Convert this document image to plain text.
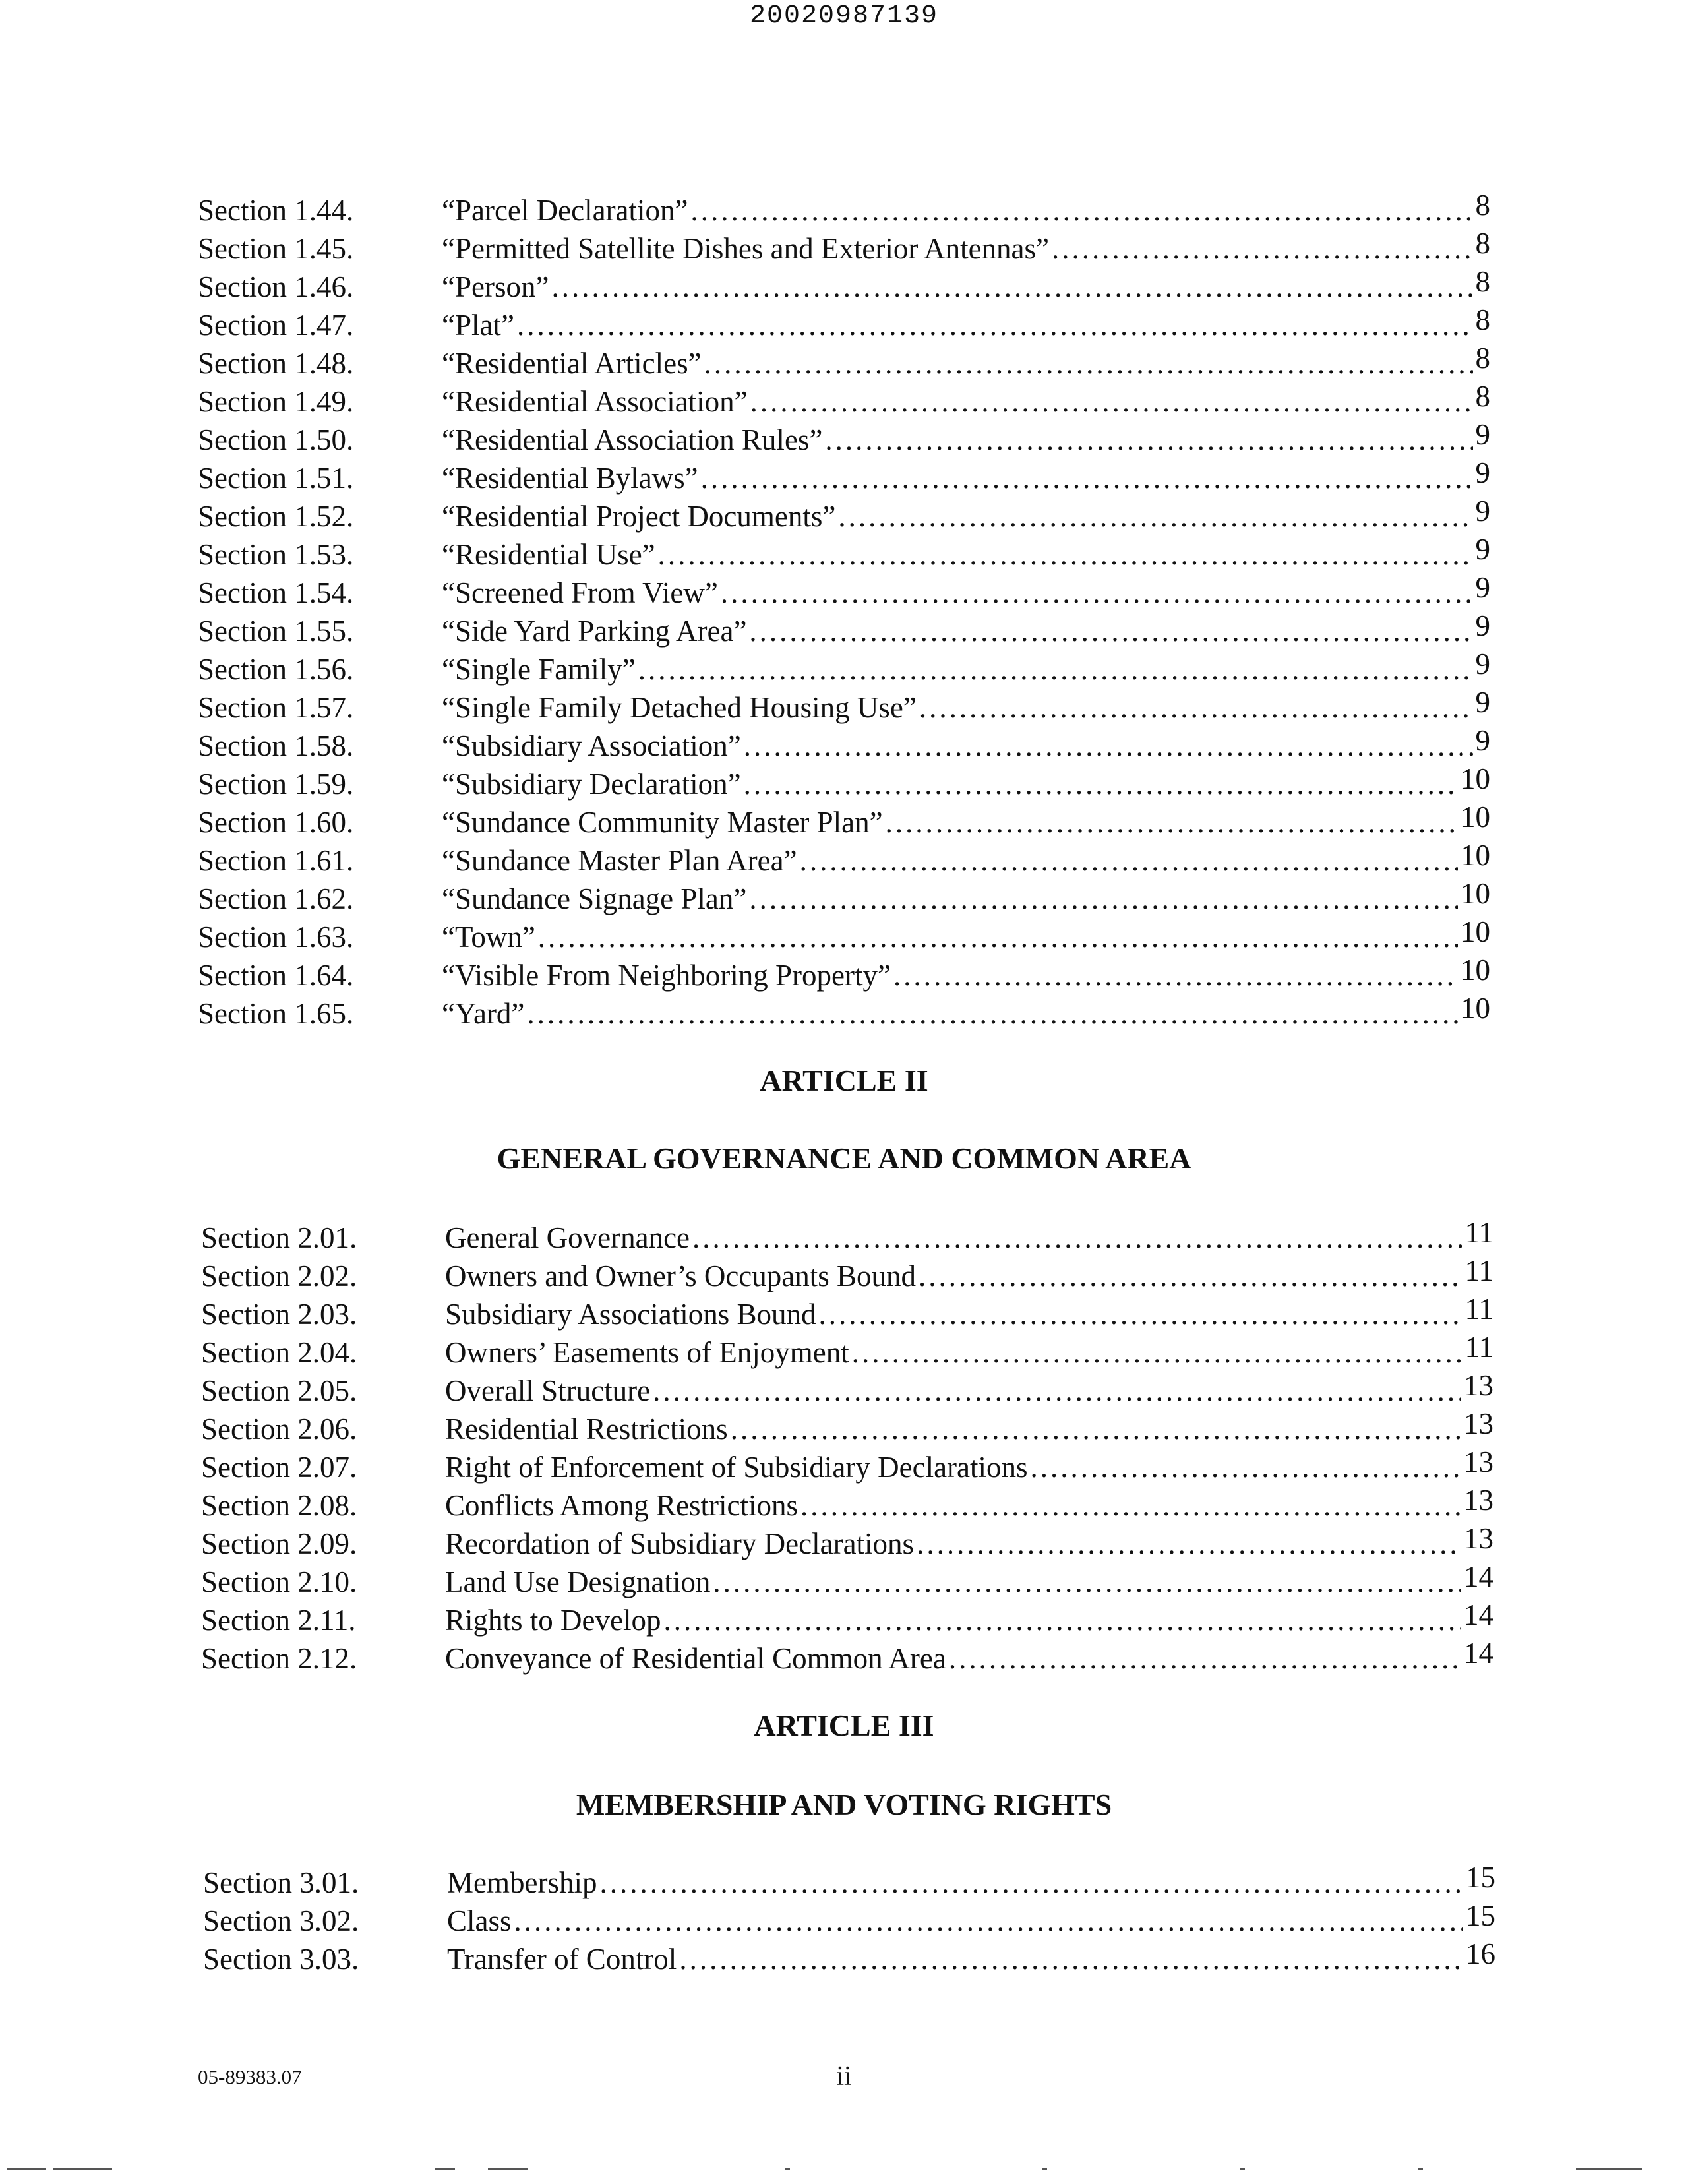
20020987139
Section 1.44.	“Parcel Declaration” .....	8
Section 1.45.	“Permitted Satellite Dishes and Exterior Antennas” .....	8
Section 1.46.	“Person” .....	8
Section 1.47.	“Plat” .....	8
Section 1.48.	“Residential Articles” .....	8
Section 1.49.	“Residential Association” .....	8
Section 1.50.	“Residential Association Rules” .....	9
Section 1.51.	“Residential Bylaws” .....	9
Section 1.52.	“Residential Project Documents” .....	9
Section 1.53.	“Residential Use” .....	9
Section 1.54.	“Screened From View” .....	9
Section 1.55.	“Side Yard Parking Area” .....	9
Section 1.56.	“Single Family” .....	9
Section 1.57.	“Single Family Detached Housing Use” .....	9
Section 1.58.	“Subsidiary Association” .....	9
Section 1.59.	“Subsidiary Declaration” .....	10
Section 1.60.	“Sundance Community Master Plan” .....	10
Section 1.61.	“Sundance Master Plan Area” .....	10
Section 1.62.	“Sundance Signage Plan” .....	10
Section 1.63.	“Town” .....	10
Section 1.64.	“Visible From Neighboring Property” .....	10
Section 1.65.	“Yard” .....	10
ARTICLE II
GENERAL GOVERNANCE AND COMMON AREA
Section 2.01.	General Governance .....	11
Section 2.02.	Owners and Owner’s Occupants Bound .....	11
Section 2.03.	Subsidiary Associations Bound .....	11
Section 2.04.	Owners’ Easements of Enjoyment .....	11
Section 2.05.	Overall Structure .....	13
Section 2.06.	Residential Restrictions .....	13
Section 2.07.	Right of Enforcement of Subsidiary Declarations .....	13
Section 2.08.	Conflicts Among Restrictions .....	13
Section 2.09.	Recordation of Subsidiary Declarations .....	13
Section 2.10.	Land Use Designation .....	14
Section 2.11.	Rights to Develop .....	14
Section 2.12.	Conveyance of Residential Common Area .....	14
ARTICLE III
MEMBERSHIP AND VOTING RIGHTS
Section 3.01.	Membership .....	15
Section 3.02.	Class .....	15
Section 3.03.	Transfer of Control .....	16
05-89383.07	ii
